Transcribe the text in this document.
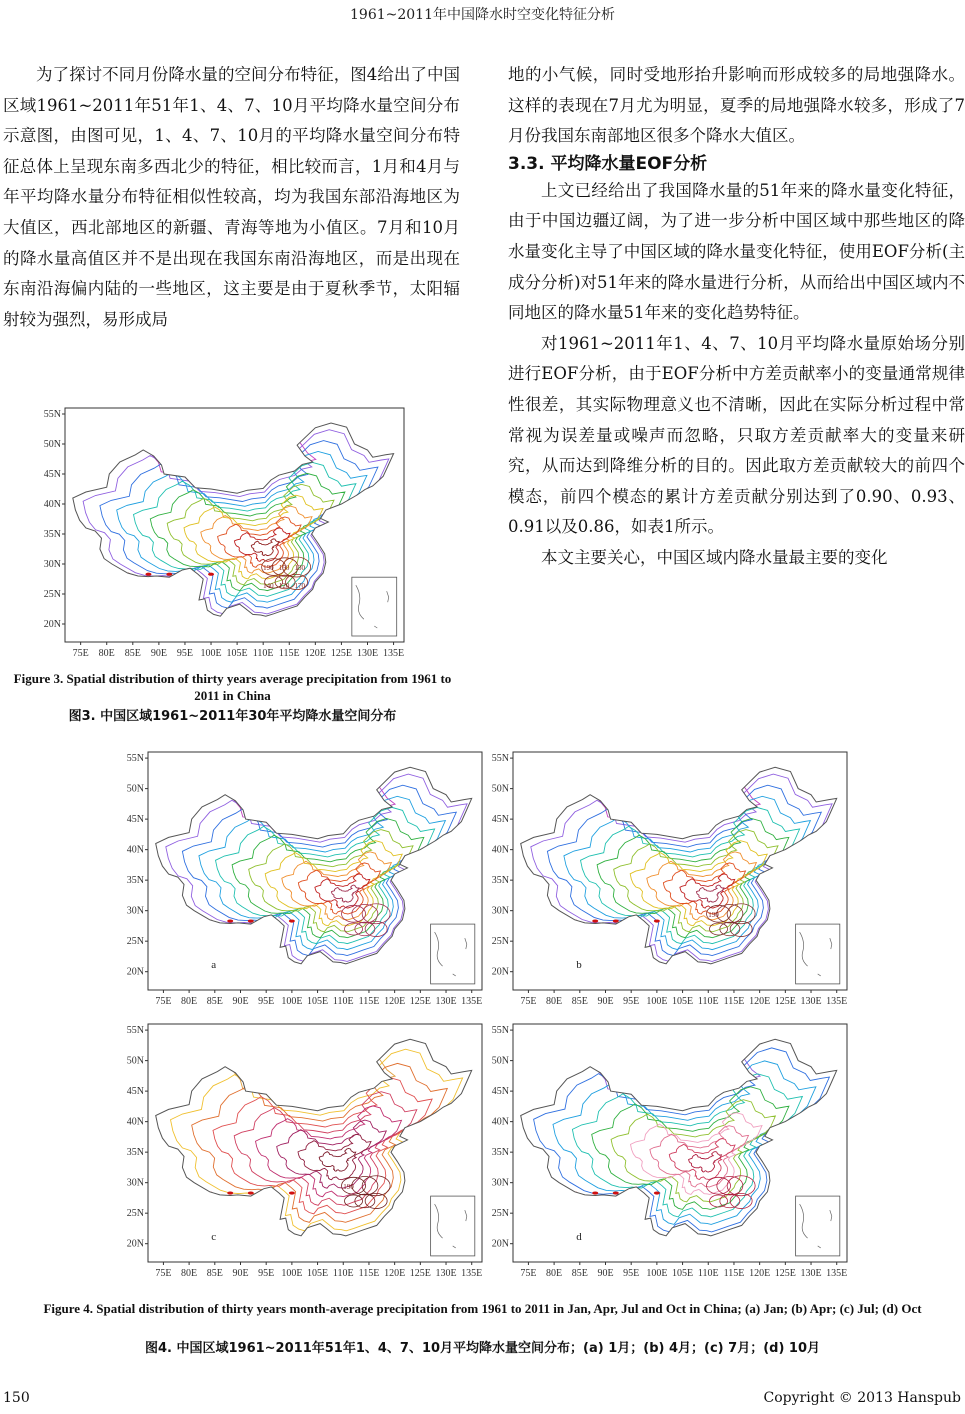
1961~2011年中国降水时空变化特征分析

为了探讨不同月份降水量的空间分布特征，图4给出了中国区域1961~2011年51年1、4、7、10月平均降水量空间分布示意图，由图可见，1、4、7、10月的平均降水量空间分布特征总体上呈现东南多西北少的特征，相比较而言，1月和4月与年平均降水量分布特征相似性较高，均为我国东部沿海地区为大值区，西北部地区的新疆、青海等地为小值区。7月和10月的降水量高值区并不是出现在我国东南沿海地区，而是出现在东南沿海偏内陆的一些地区，这主要是由于夏秋季节，太阳辐射较为强烈，易形成局

地的小气候，同时受地形抬升影响而形成较多的局地强降水。这样的表现在7月尤为明显，夏季的局地强降水较多，形成了7月份我国东南部地区很多个降水大值区。

3.3. 平均降水量EOF分析

上文已经给出了我国降水量的51年来的降水量变化特征，由于中国边疆辽阔，为了进一步分析中国区域中那些地区的降水量变化主导了中国区域的降水量变化特征，使用EOF分析(主成分分析)对51年来的降水量进行分析，从而给出中国区域内不同地区的降水量51年来的变化趋势特征。

对1961~2011年1、4、7、10月平均降水量原始场分别进行EOF分析，由于EOF分析中方差贡献率小的变量通常规律性很差，其实际物理意义也不清晰，因此在实际分析过程中常常视为误差量或噪声而忽略，只取方差贡献率大的变量来研究，从而达到降维分析的目的。因此取方差贡献较大的前四个模态，前四个模态的累计方差贡献分别达到了0.90、0.93、0.91以及0.86，如表1所示。

本文主要关心，中国区域内降水量最主要的变化

55N
50N
45N
40N
35N
30N
25N
20N
75E 80E 85E 90E 95E 100E 105E 110E 115E 120E 125E 130E 135E
190 150 130
140 120 170
Figure 3. Spatial distribution of thirty years average precipitation from 1961 to 2011 in China
图3. 中国区域1961~2011年30年平均降水量空间分布
55N
50N
45N
40N
35N
30N
25N
20N
75E 80E 85E 90E 95E 100E 105E 110E 115E 120E 125E 130E 135E
a
55N
50N
45N
40N
35N
30N
25N
20N
75E 80E 85E 90E 95E 100E 105E 110E 115E 120E 125E 130E 135E
b
190
55N
50N
45N
40N
35N
30N
25N
20N
75E 80E 85E 90E 95E 100E 105E 110E 115E 120E 125E 130E 135E
c
190
55N
50N
45N
40N
35N
30N
25N
20N
75E 80E 85E 90E 95E 100E 105E 110E 115E 120E 125E 130E 135E
d
Figure 4. Spatial distribution of thirty years month-average precipitation from 1961 to 2011 in Jan, Apr, Jul and Oct in China; (a) Jan; (b) Apr; (c) Jul; (d) Oct
图4. 中国区域1961~2011年51年1、4、7、10月平均降水量空间分布；(a) 1月；(b) 4月；(c) 7月；(d) 10月
150	Copyright © 2013 Hanspub
